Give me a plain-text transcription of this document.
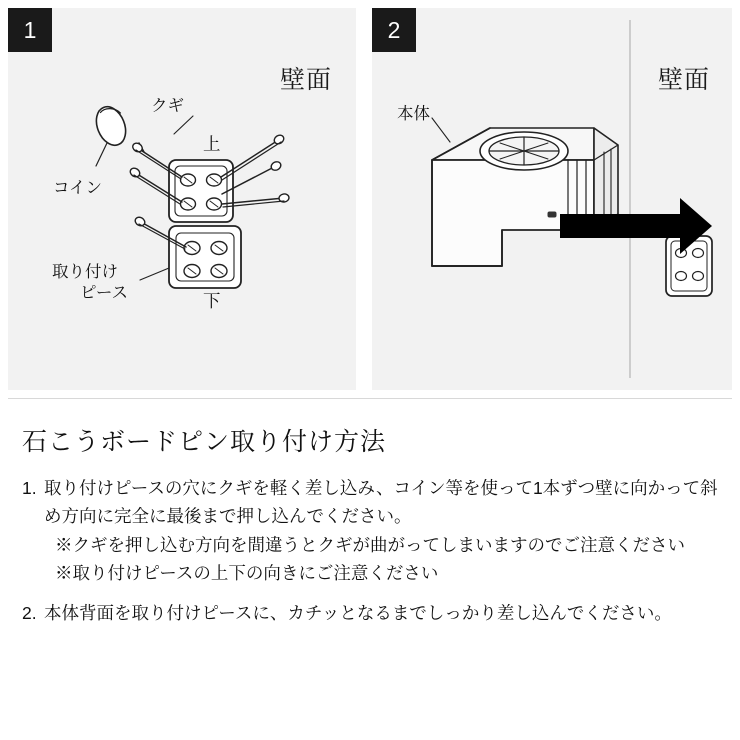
1
壁面
コイン
クギ
上
下
取り付け
ピース
2
壁面
本体
石こうボードピン取り付け方法
1. 取り付けピースの穴にクギを軽く差し込み、コイン等を使って1本ずつ壁に向かって斜め方向に完全に最後まで押し込んでください。
※クギを押し込む方向を間違うとクギが曲がってしまいますのでご注意ください
※取り付けピースの上下の向きにご注意ください
2. 本体背面を取り付けピースに、カチッとなるまでしっかり差し込んでください。
